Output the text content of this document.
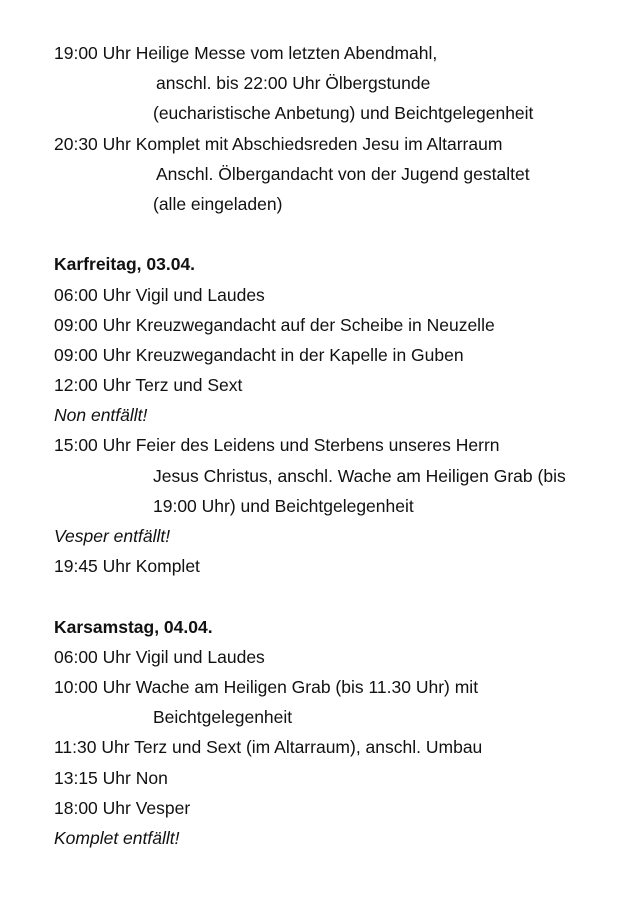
19:00 Uhr Heilige Messe vom letzten Abendmahl,
anschl. bis 22:00 Uhr Ölbergstunde
(eucharistische Anbetung) und Beichtgelegenheit
20:30 Uhr Komplet mit Abschiedsreden Jesu im Altarraum
Anschl. Ölbergandacht von der Jugend gestaltet
(alle eingeladen)
Karfreitag, 03.04.
06:00 Uhr Vigil und Laudes
09:00 Uhr Kreuzwegandacht auf der Scheibe in Neuzelle
09:00 Uhr Kreuzwegandacht in der Kapelle in Guben
12:00 Uhr Terz und Sext
Non entfällt!
15:00 Uhr Feier des Leidens und Sterbens unseres Herrn
Jesus Christus, anschl. Wache am Heiligen Grab (bis
19:00 Uhr) und Beichtgelegenheit
Vesper entfällt!
19:45 Uhr Komplet
Karsamstag, 04.04.
06:00 Uhr Vigil und Laudes
10:00 Uhr Wache am Heiligen Grab (bis 11.30 Uhr) mit
Beichtgelegenheit
11:30 Uhr Terz und Sext (im Altarraum), anschl. Umbau
13:15 Uhr Non
18:00 Uhr Vesper
Komplet entfällt!
